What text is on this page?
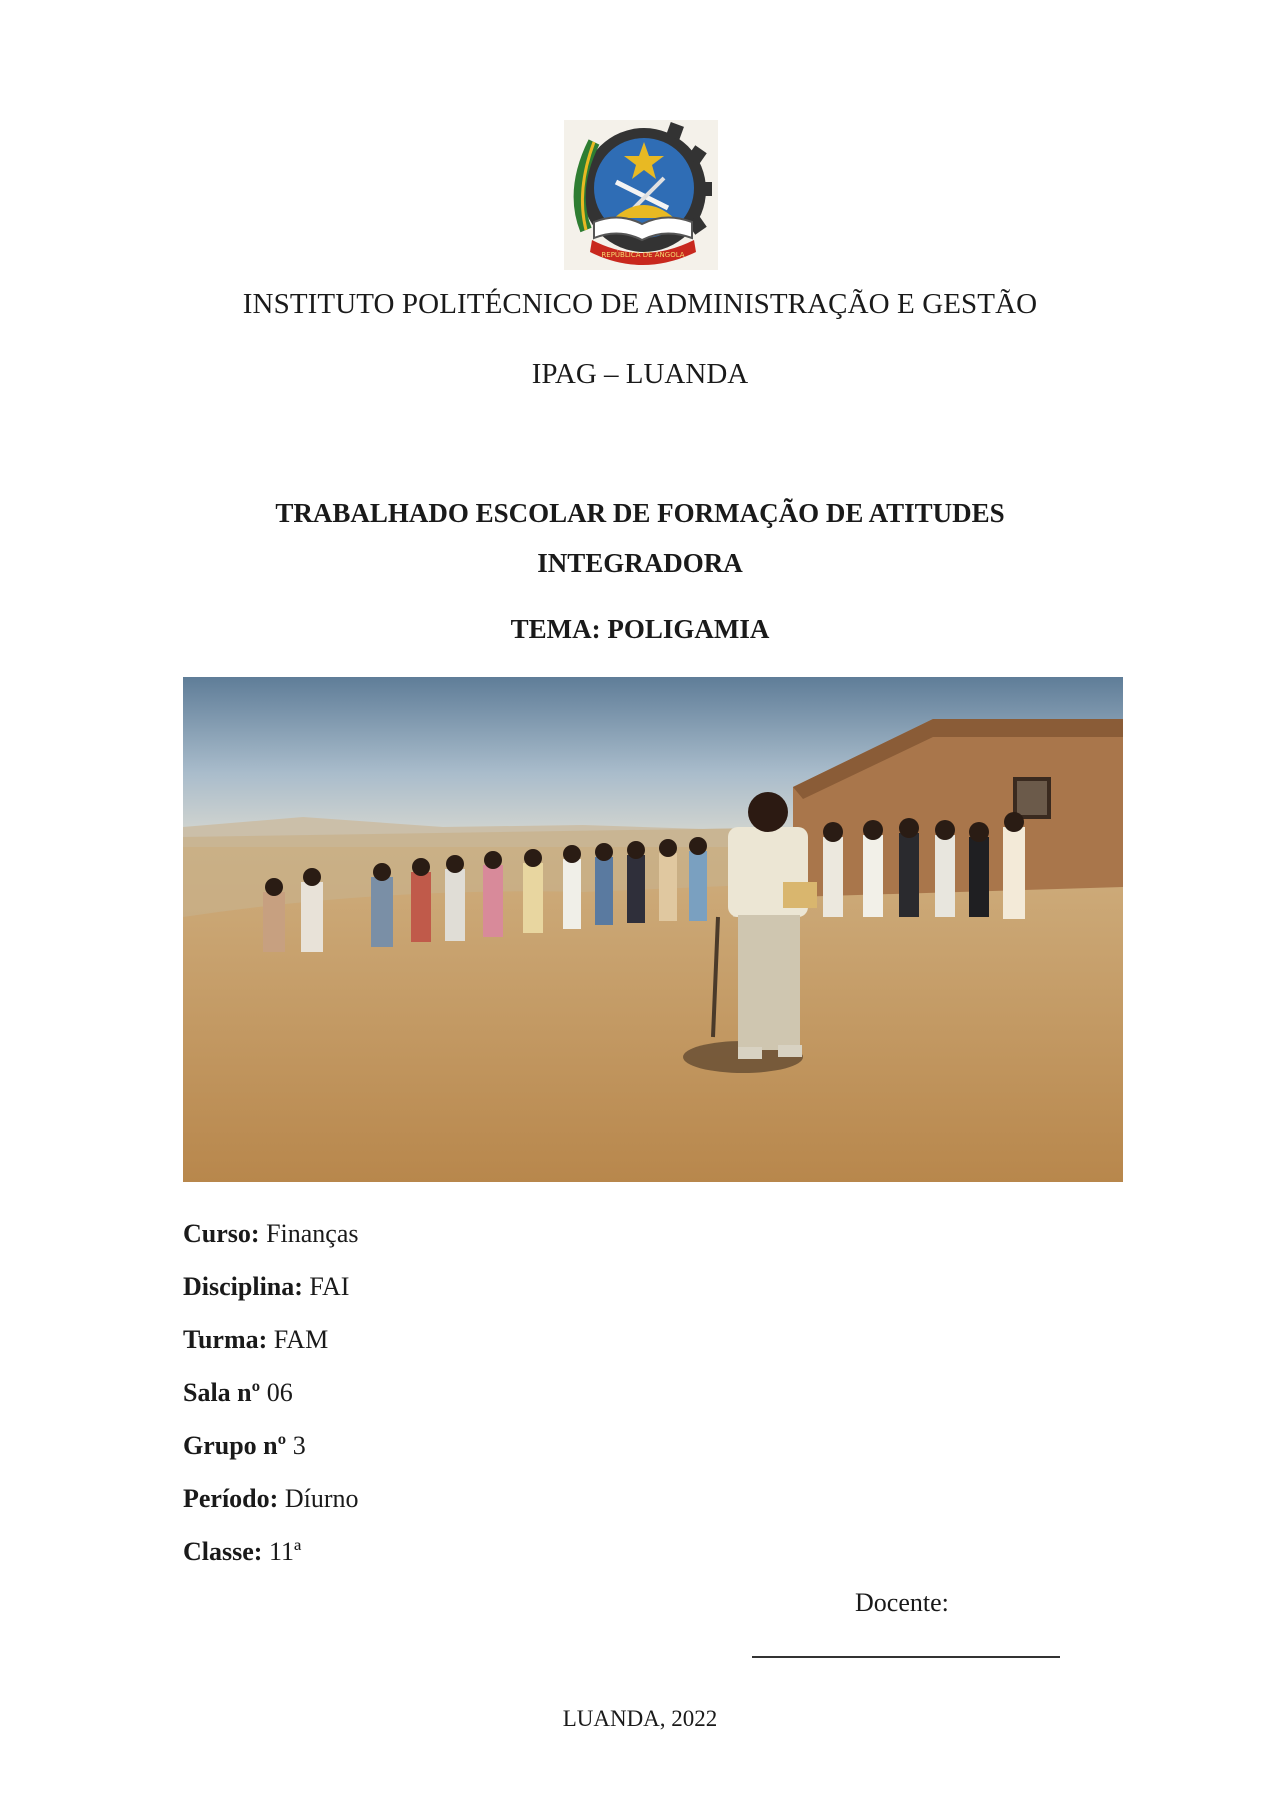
REPÚBLICA DE ANGOLA
INSTITUTO POLITÉCNICO DE ADMINISTRAÇÃO E GESTÃO
IPAG – LUANDA
TRABALHADO ESCOLAR DE FORMAÇÃO DE ATITUDES
INTEGRADORA
TEMA: POLIGAMIA
Curso: Finanças
Disciplina: FAI
Turma: FAM
Sala nº 06
Grupo nº 3
Período: Díurno
Classe: 11ª
Docente:
LUANDA, 2022
